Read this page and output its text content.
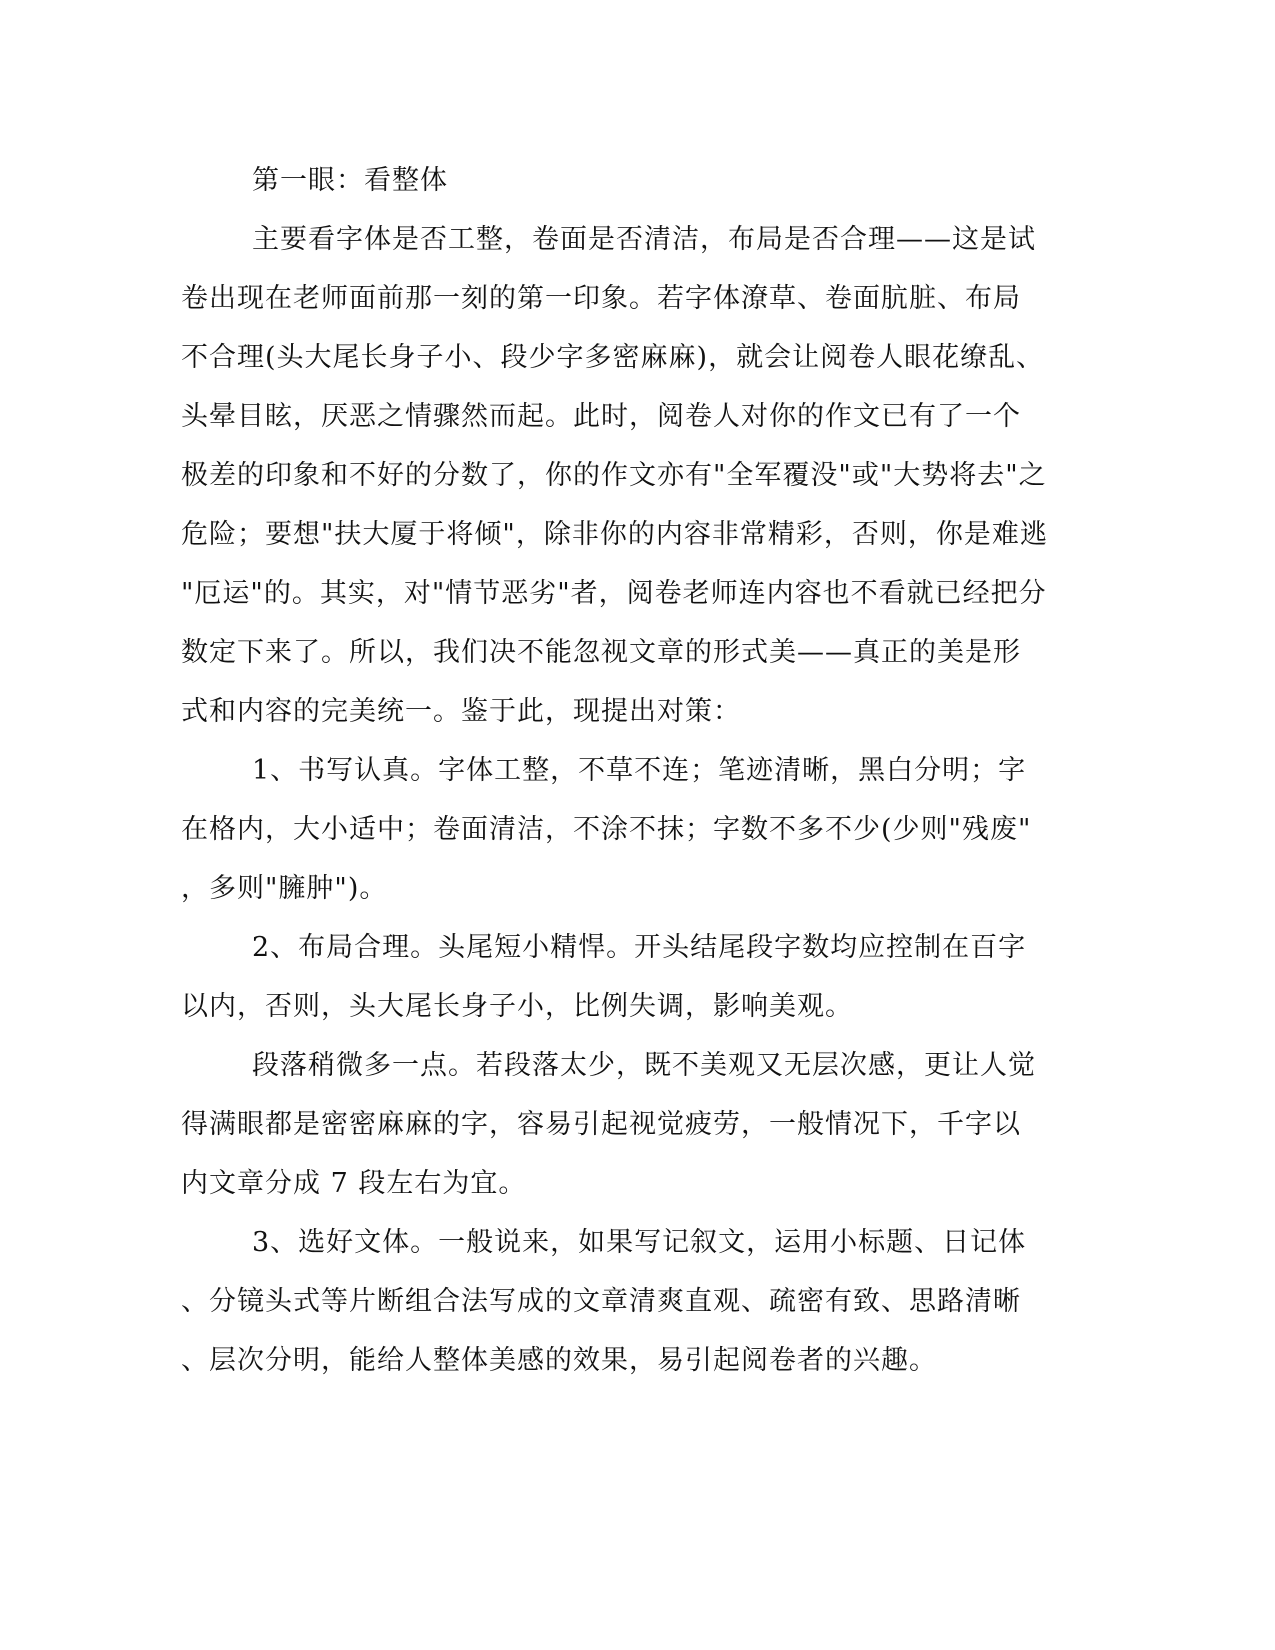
第一眼：看整体
主要看字体是否工整，卷面是否清洁，布局是否合理——这是试
卷出现在老师面前那一刻的第一印象。若字体潦草、卷面肮脏、布局
不合理(头大尾长身子小、段少字多密麻麻)，就会让阅卷人眼花缭乱、
头晕目眩，厌恶之情骤然而起。此时，阅卷人对你的作文已有了一个
极差的印象和不好的分数了，你的作文亦有"全军覆没"或"大势将去"之
危险；要想"扶大厦于将倾"，除非你的内容非常精彩，否则，你是难逃
"厄运"的。其实，对"情节恶劣"者，阅卷老师连内容也不看就已经把分
数定下来了。所以，我们决不能忽视文章的形式美——真正的美是形
式和内容的完美统一。鉴于此，现提出对策：
1、书写认真。字体工整，不草不连；笔迹清晰，黑白分明；字
在格内，大小适中；卷面清洁，不涂不抹；字数不多不少(少则"残废"
，多则"臃肿")。
2、布局合理。头尾短小精悍。开头结尾段字数均应控制在百字
以内，否则，头大尾长身子小，比例失调，影响美观。
段落稍微多一点。若段落太少，既不美观又无层次感，更让人觉
得满眼都是密密麻麻的字，容易引起视觉疲劳，一般情况下，千字以
内文章分成 7 段左右为宜。
3、选好文体。一般说来，如果写记叙文，运用小标题、日记体
、分镜头式等片断组合法写成的文章清爽直观、疏密有致、思路清晰
、层次分明，能给人整体美感的效果，易引起阅卷者的兴趣。
